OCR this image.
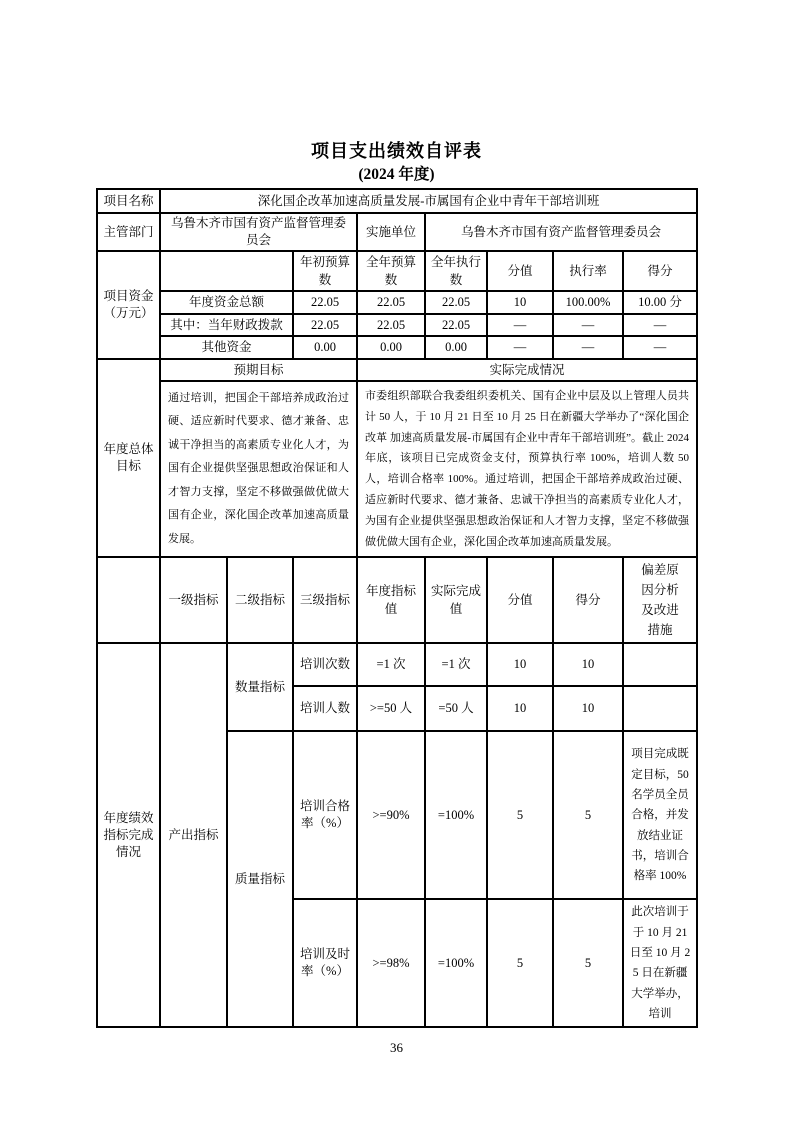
项目支出绩效自评表
(2024 年度)
项目名称	深化国企改革加速高质量发展-市属国有企业中青年干部培训班							
主管部门	乌鲁木齐市国有资产监督管理委员会			实施单位	乌鲁木齐市国有资产监督管理委员会			
项目资金（万元）			年初预算数	全年预算数	全年执行数	分值	执行率	得分
	年度资金总额		22.05	22.05	22.05	10	100.00%	10.00 分
	其中：当年财政拨款		22.05	22.05	22.05	—	—	—
	其他资金		0.00	0.00	0.00	—	—	—
年度总体目标	预期目标			实际完成情况				
	通过培训，把国企干部培养成政治过硬、适应新时代要求、德才兼备、忠诚干净担当的高素质专业化人才，为国有企业提供坚强思想政治保证和人才智力支撑，坚定不移做强做优做大国有企业，深化国企改革加速高质量发展。			市委组织部联合我委组织委机关、国有企业中层及以上管理人员共计 50 人，于 10 月 21 日至 10 月 25 日在新疆大学举办了“深化国企改革 加速高质量发展-市属国有企业中青年干部培训班”。截止 2024 年底，该项目已完成资金支付，预算执行率 100%，培训人数 50 人，培训合格率 100%。通过培训，把国企干部培养成政治过硬、适应新时代要求、德才兼备、忠诚干净担当的高素质专业化人才，为国有企业提供坚强思想政治保证和人才智力支撑，坚定不移做强做优做大国有企业，深化国企改革加速高质量发展。				
	一级指标	二级指标	三级指标	年度指标值	实际完成值	分值	得分	偏差原因分析及改进措施
年度绩效指标完成情况	产出指标	数量指标	培训次数	=1 次	=1 次	10	10	
			培训人数	>=50 人	=50 人	10	10	
		质量指标	培训合格率（%）	>=90%	=100%	5	5	项目完成既定目标，50 名学员全员合格，并发放结业证书，培训合格率 100%
			培训及时率（%）	>=98%	=100%	5	5	此次培训于于 10 月 21 日至 10 月 25 日在新疆大学举办，培训
36
